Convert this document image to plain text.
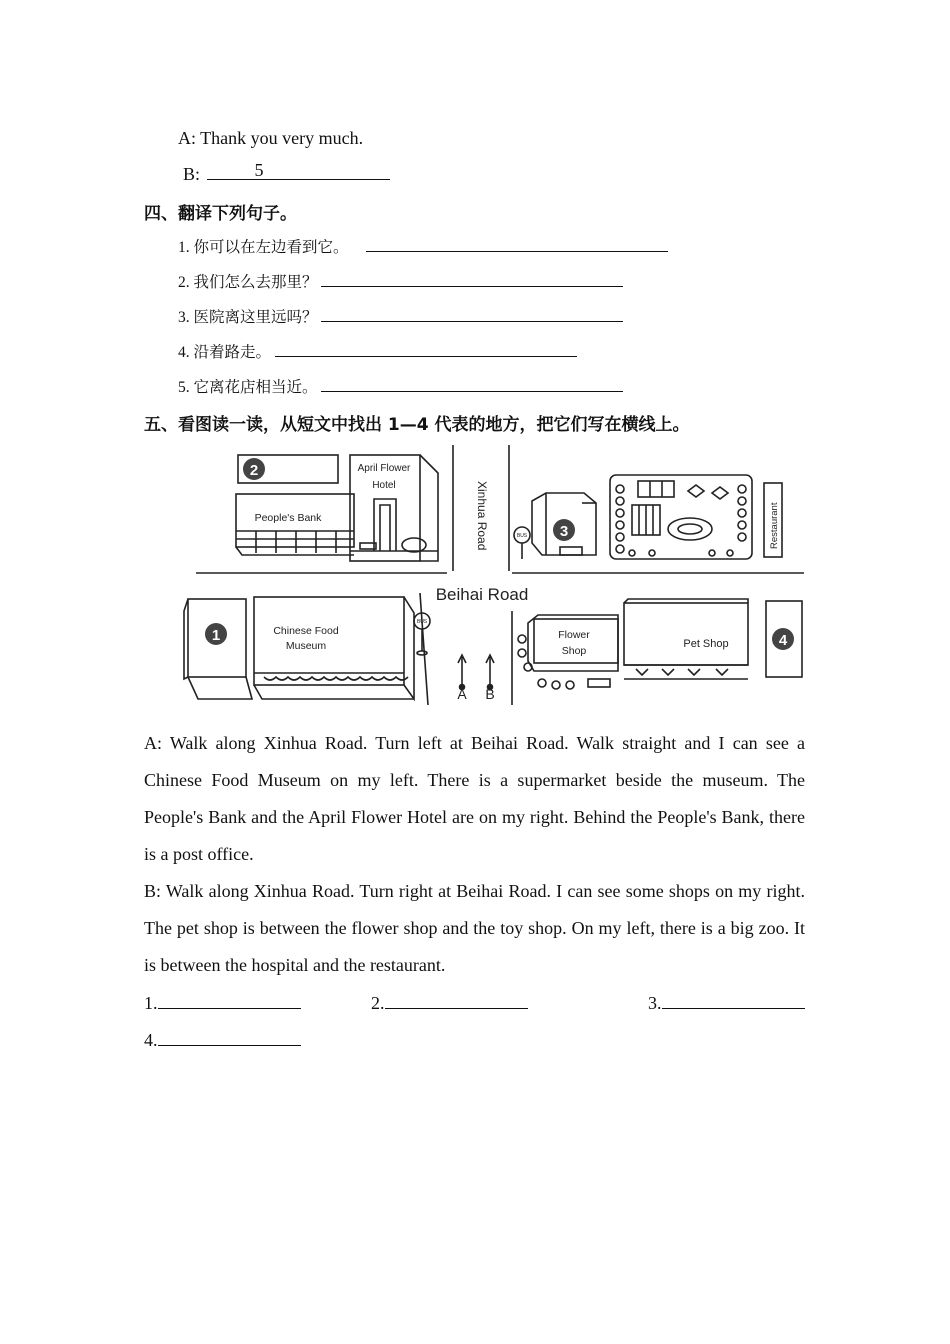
A: Thank you very much.
B:	5
四、翻译下列句子。
1. 你可以在左边看到它。
2. 我们怎么去那里？
3. 医院离这里远吗？
4. 沿着路走。
5. 它离花店相当近。
五、看图读一读，从短文中找出 1—4 代表的地方，把它们写在横线上。
2
3
1	4
April Flower
Hotel
People's Bank	Xinhua Road	Restaurant
Beihai Road
Chinese Food
Museum
Flower
Shop
Pet Shop
A B
BUS
BUS
A: Walk along Xinhua Road. Turn left at Beihai Road. Walk straight and I can see a Chinese Food Museum on my left. There is a supermarket beside the museum. The People's Bank and the April Flower Hotel are on my right. Behind the People's Bank, there is a post office.
B: Walk along Xinhua Road. Turn right at Beihai Road. I can see some shops on my right. The pet shop is between the flower shop and the toy shop. On my left, there is a big zoo. It is between the hospital and the restaurant.
1.	2.	3.
4.
